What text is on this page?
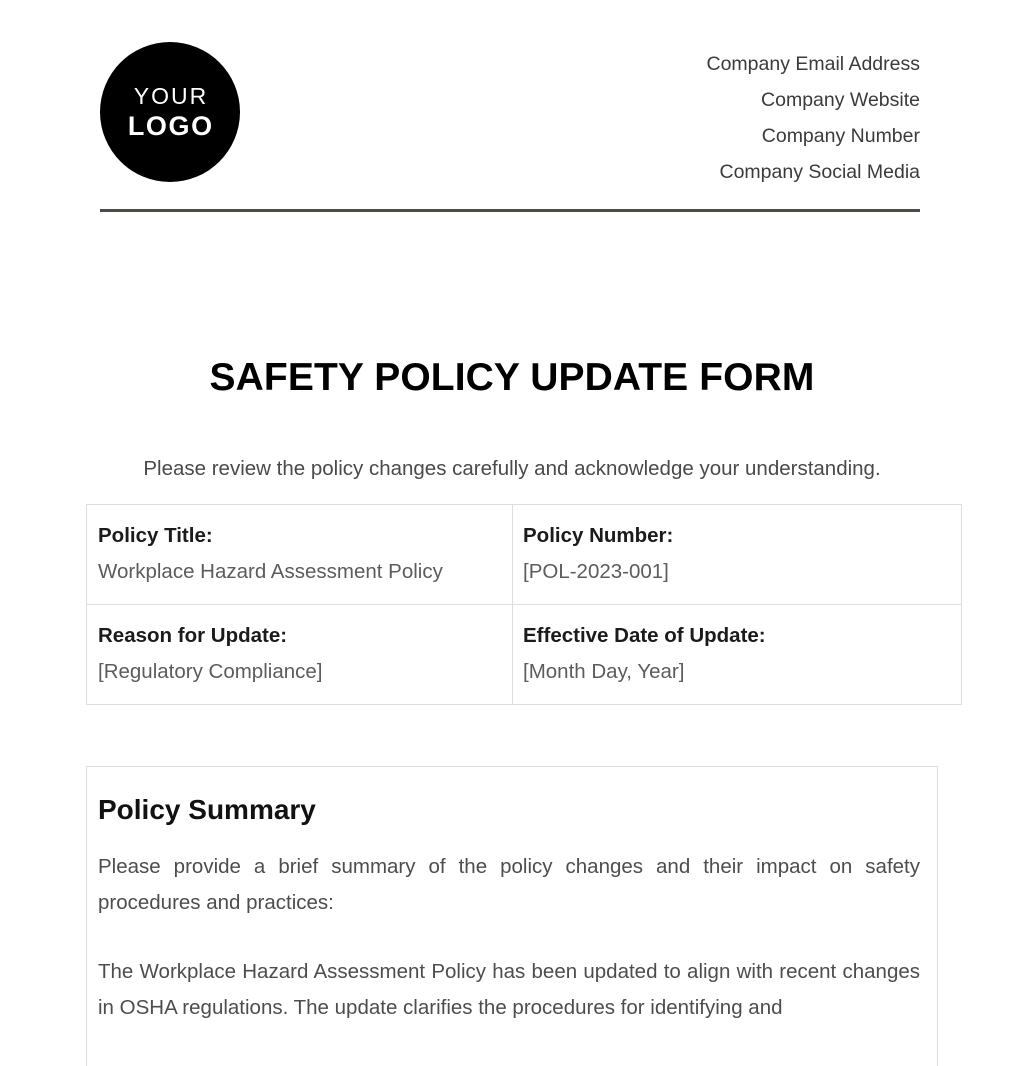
YOUR
LOGO
Company Email Address
Company Website
Company Number
Company Social Media
SAFETY POLICY UPDATE FORM
Please review the policy changes carefully and acknowledge your understanding.
Policy Title:
Workplace Hazard Assessment Policy

Policy Number:
[POL-2023-001]

Reason for Update:
[Regulatory Compliance]

Effective Date of Update:
[Month Day, Year]
Policy Summary

Please provide a brief summary of the policy changes and their impact on safety procedures and practices:

The Workplace Hazard Assessment Policy has been updated to align with recent changes in OSHA regulations. The update clarifies the procedures for identifying and
